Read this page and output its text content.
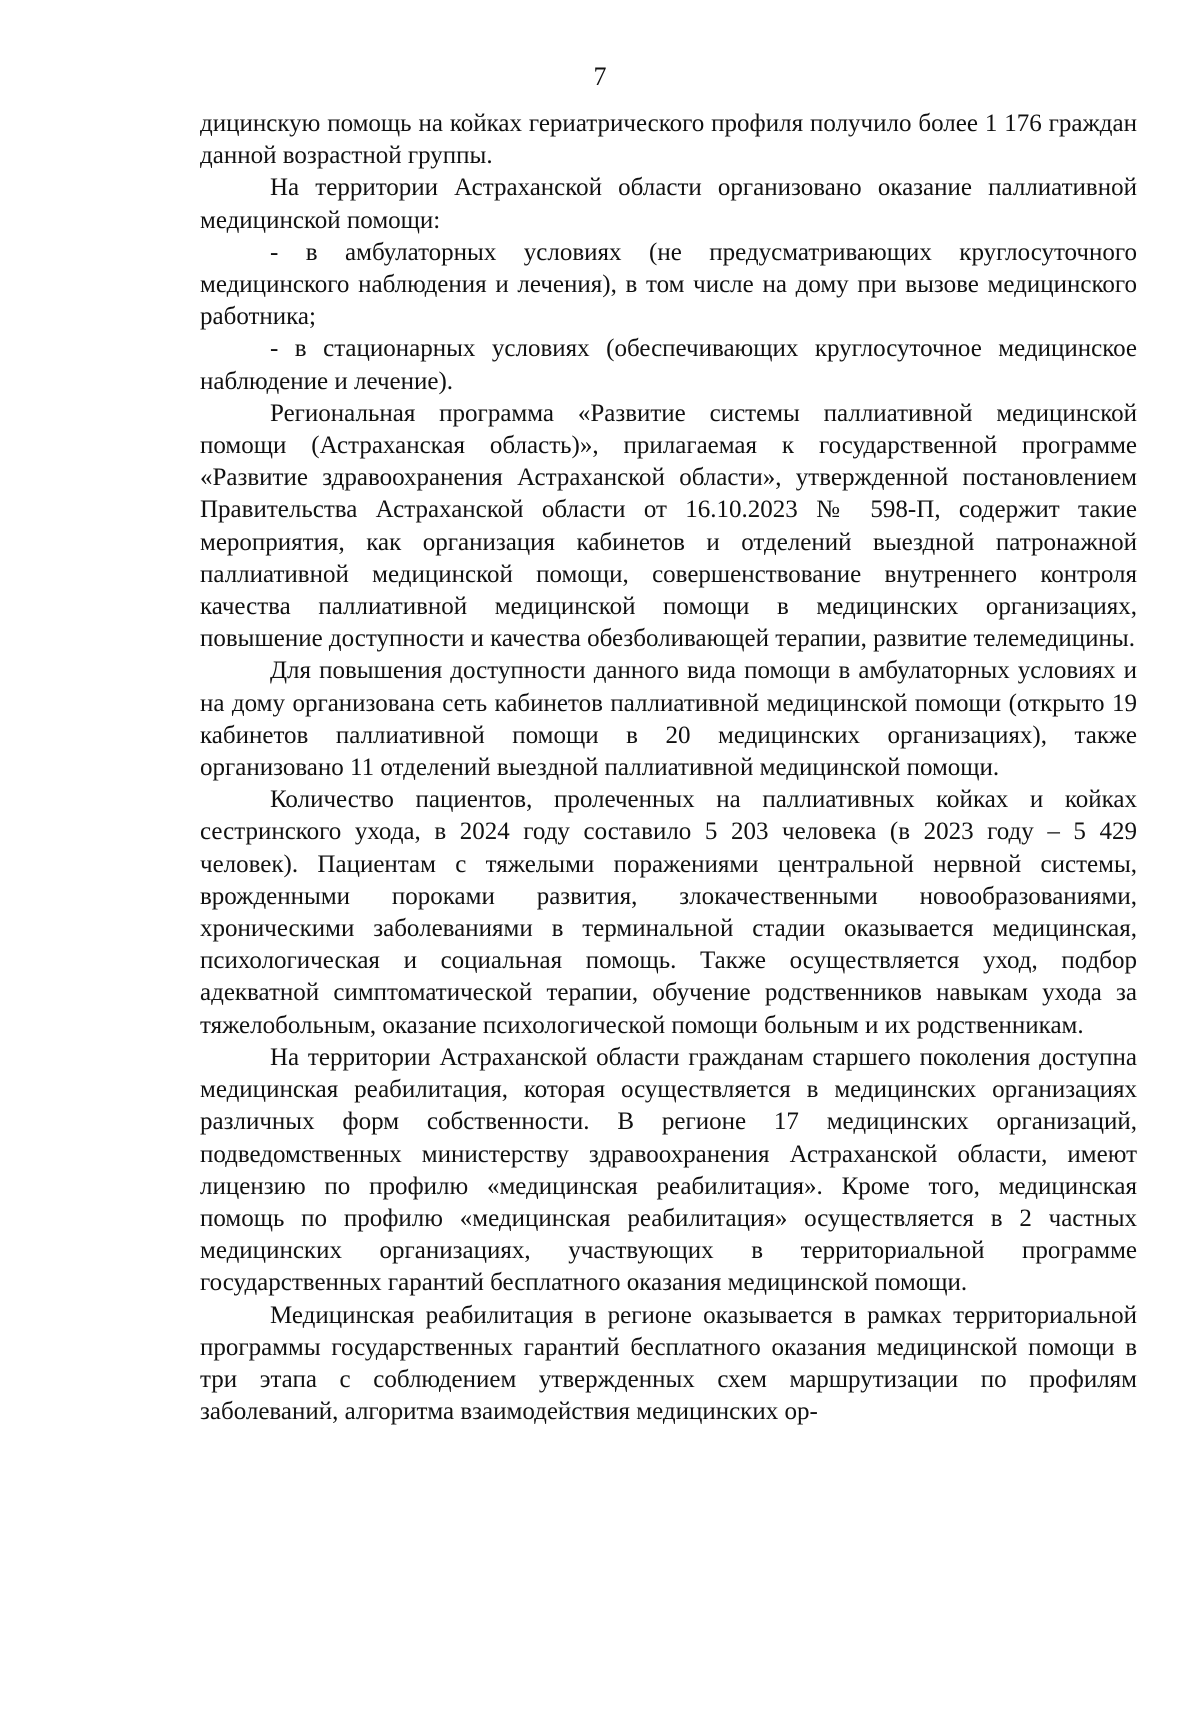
7

дицинскую помощь на койках гериатрического профиля получило более 1 176 граждан данной возрастной группы.

На территории Астраханской области организовано оказание паллиативной медицинской помощи:

- в амбулаторных условиях (не предусматривающих круглосуточного медицинского наблюдения и лечения), в том числе на дому при вызове медицинского работника;

- в стационарных условиях (обеспечивающих круглосуточное медицинское наблюдение и лечение).

Региональная программа «Развитие системы паллиативной медицинской помощи (Астраханская область)», прилагаемая к государственной программе «Развитие здравоохранения Астраханской области», утвержденной постановлением Правительства Астраханской области от 16.10.2023 № 598-П, содержит такие мероприятия, как организация кабинетов и отделений выездной патронажной паллиативной медицинской помощи, совершенствование внутреннего контроля качества паллиативной медицинской помощи в медицинских организациях, повышение доступности и качества обезболивающей терапии, развитие телемедицины.

Для повышения доступности данного вида помощи в амбулаторных условиях и на дому организована сеть кабинетов паллиативной медицинской помощи (открыто 19 кабинетов паллиативной помощи в 20 медицинских организациях), также организовано 11 отделений выездной паллиативной медицинской помощи.

Количество пациентов, пролеченных на паллиативных койках и койках сестринского ухода, в 2024 году составило 5 203 человека (в 2023 году – 5 429 человек). Пациентам с тяжелыми поражениями центральной нервной системы, врожденными пороками развития, злокачественными новообразованиями, хроническими заболеваниями в терминальной стадии оказывается медицинская, психологическая и социальная помощь. Также осуществляется уход, подбор адекватной симптоматической терапии, обучение родственников навыкам ухода за тяжелобольным, оказание психологической помощи больным и их родственникам.

На территории Астраханской области гражданам старшего поколения доступна медицинская реабилитация, которая осуществляется в медицинских организациях различных форм собственности. В регионе 17 медицинских организаций, подведомственных министерству здравоохранения Астраханской области, имеют лицензию по профилю «медицинская реабилитация». Кроме того, медицинская помощь по профилю «медицинская реабилитация» осуществляется в 2 частных медицинских организациях, участвующих в территориальной программе государственных гарантий бесплатного оказания медицинской помощи.

Медицинская реабилитация в регионе оказывается в рамках территориальной программы государственных гарантий бесплатного оказания медицинской помощи в три этапа с соблюдением утвержденных схем маршрутизации по профилям заболеваний, алгоритма взаимодействия медицинских ор-
